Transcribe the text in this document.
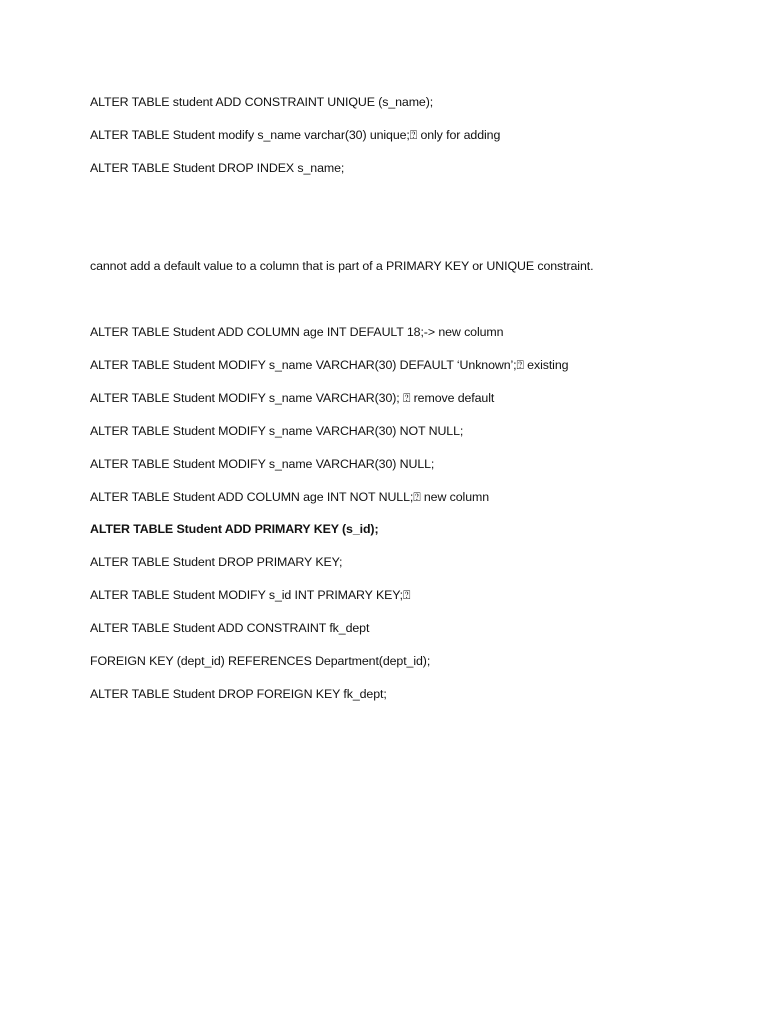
ALTER TABLE student ADD CONSTRAINT UNIQUE (s_name);
ALTER TABLE Student modify s_name varchar(30) unique;⍰ only for adding
ALTER TABLE Student DROP INDEX s_name;
cannot add a default value to a column that is part of a PRIMARY KEY or UNIQUE constraint.
ALTER TABLE Student ADD COLUMN age INT DEFAULT 18;-> new column
ALTER TABLE Student MODIFY s_name VARCHAR(30) DEFAULT ‘Unknown’;⍰ existing
ALTER TABLE Student MODIFY s_name VARCHAR(30); ⍰ remove default
ALTER TABLE Student MODIFY s_name VARCHAR(30) NOT NULL;
ALTER TABLE Student MODIFY s_name VARCHAR(30) NULL;
ALTER TABLE Student ADD COLUMN age INT NOT NULL;⍰ new column
ALTER TABLE Student ADD PRIMARY KEY (s_id);
ALTER TABLE Student DROP PRIMARY KEY;
ALTER TABLE Student MODIFY s_id INT PRIMARY KEY;⍰
ALTER TABLE Student ADD CONSTRAINT fk_dept
FOREIGN KEY (dept_id) REFERENCES Department(dept_id);
ALTER TABLE Student DROP FOREIGN KEY fk_dept;
